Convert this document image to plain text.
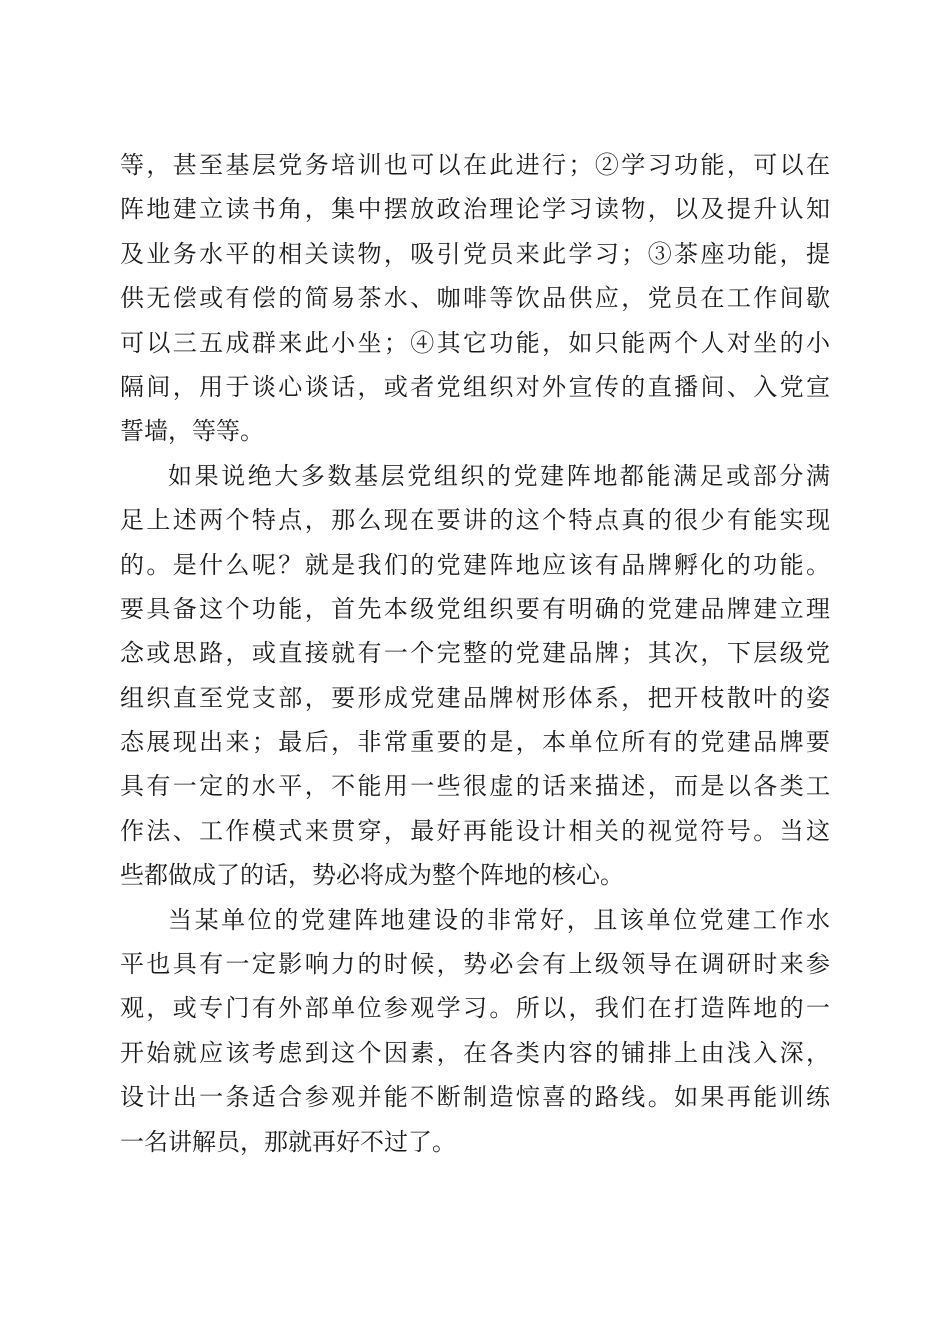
等，甚至基层党务培训也可以在此进行；②学习功能，可以在
阵地建立读书角，集中摆放政治理论学习读物，以及提升认知
及业务水平的相关读物，吸引党员来此学习；③茶座功能，提
供无偿或有偿的简易茶水、咖啡等饮品供应，党员在工作间歇
可以三五成群来此小坐；④其它功能，如只能两个人对坐的小
隔间，用于谈心谈话，或者党组织对外宣传的直播间、入党宣
誓墙，等等。
如果说绝大多数基层党组织的党建阵地都能满足或部分满
足上述两个特点，那么现在要讲的这个特点真的很少有能实现
的。是什么呢？就是我们的党建阵地应该有品牌孵化的功能。
要具备这个功能，首先本级党组织要有明确的党建品牌建立理
念或思路，或直接就有一个完整的党建品牌；其次，下层级党
组织直至党支部，要形成党建品牌树形体系，把开枝散叶的姿
态展现出来；最后，非常重要的是，本单位所有的党建品牌要
具有一定的水平，不能用一些很虚的话来描述，而是以各类工
作法、工作模式来贯穿，最好再能设计相关的视觉符号。当这
些都做成了的话，势必将成为整个阵地的核心。
当某单位的党建阵地建设的非常好，且该单位党建工作水
平也具有一定影响力的时候，势必会有上级领导在调研时来参
观，或专门有外部单位参观学习。所以，我们在打造阵地的一
开始就应该考虑到这个因素，在各类内容的铺排上由浅入深，
设计出一条适合参观并能不断制造惊喜的路线。如果再能训练
一名讲解员，那就再好不过了。
